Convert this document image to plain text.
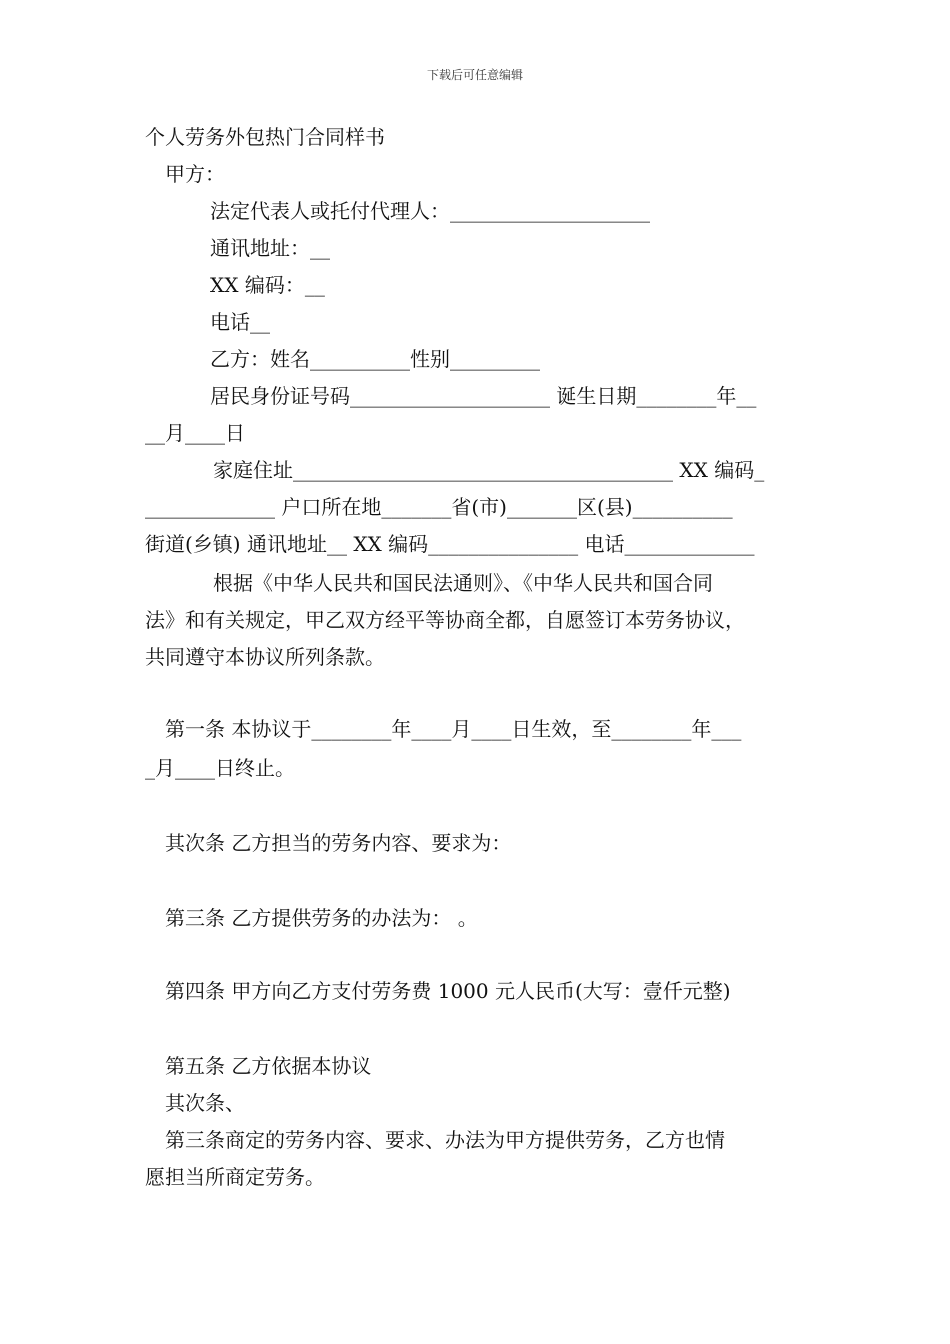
下载后可任意编辑
个人劳务外包热门合同样书
甲方：
法定代表人或托付代理人：____________________
通讯地址：__
XX 编码：__
电话__
乙方：姓名__________性别_________
居民身份证号码____________________ 诞生日期________年__
__月____日
家庭住址______________________________________ XX 编码_
_____________ 户口所在地_______省(市)_______区(县)__________
街道(乡镇) 通讯地址__ XX 编码_______________ 电话_____________
根据《中华人民共和国民法通则》、《中华人民共和国合同
法》和有关规定，甲乙双方经平等协商全都，自愿签订本劳务协议，
共同遵守本协议所列条款。
第一条 本协议于________年____月____日生效，至________年___
_月____日终止。
其次条 乙方担当的劳务内容、要求为：
第三条 乙方提供劳务的办法为： 。
第四条 甲方向乙方支付劳务费 1000 元人民币(大写：壹仟元整)
第五条 乙方依据本协议
其次条、
第三条商定的劳务内容、要求、办法为甲方提供劳务，乙方也情
愿担当所商定劳务。
